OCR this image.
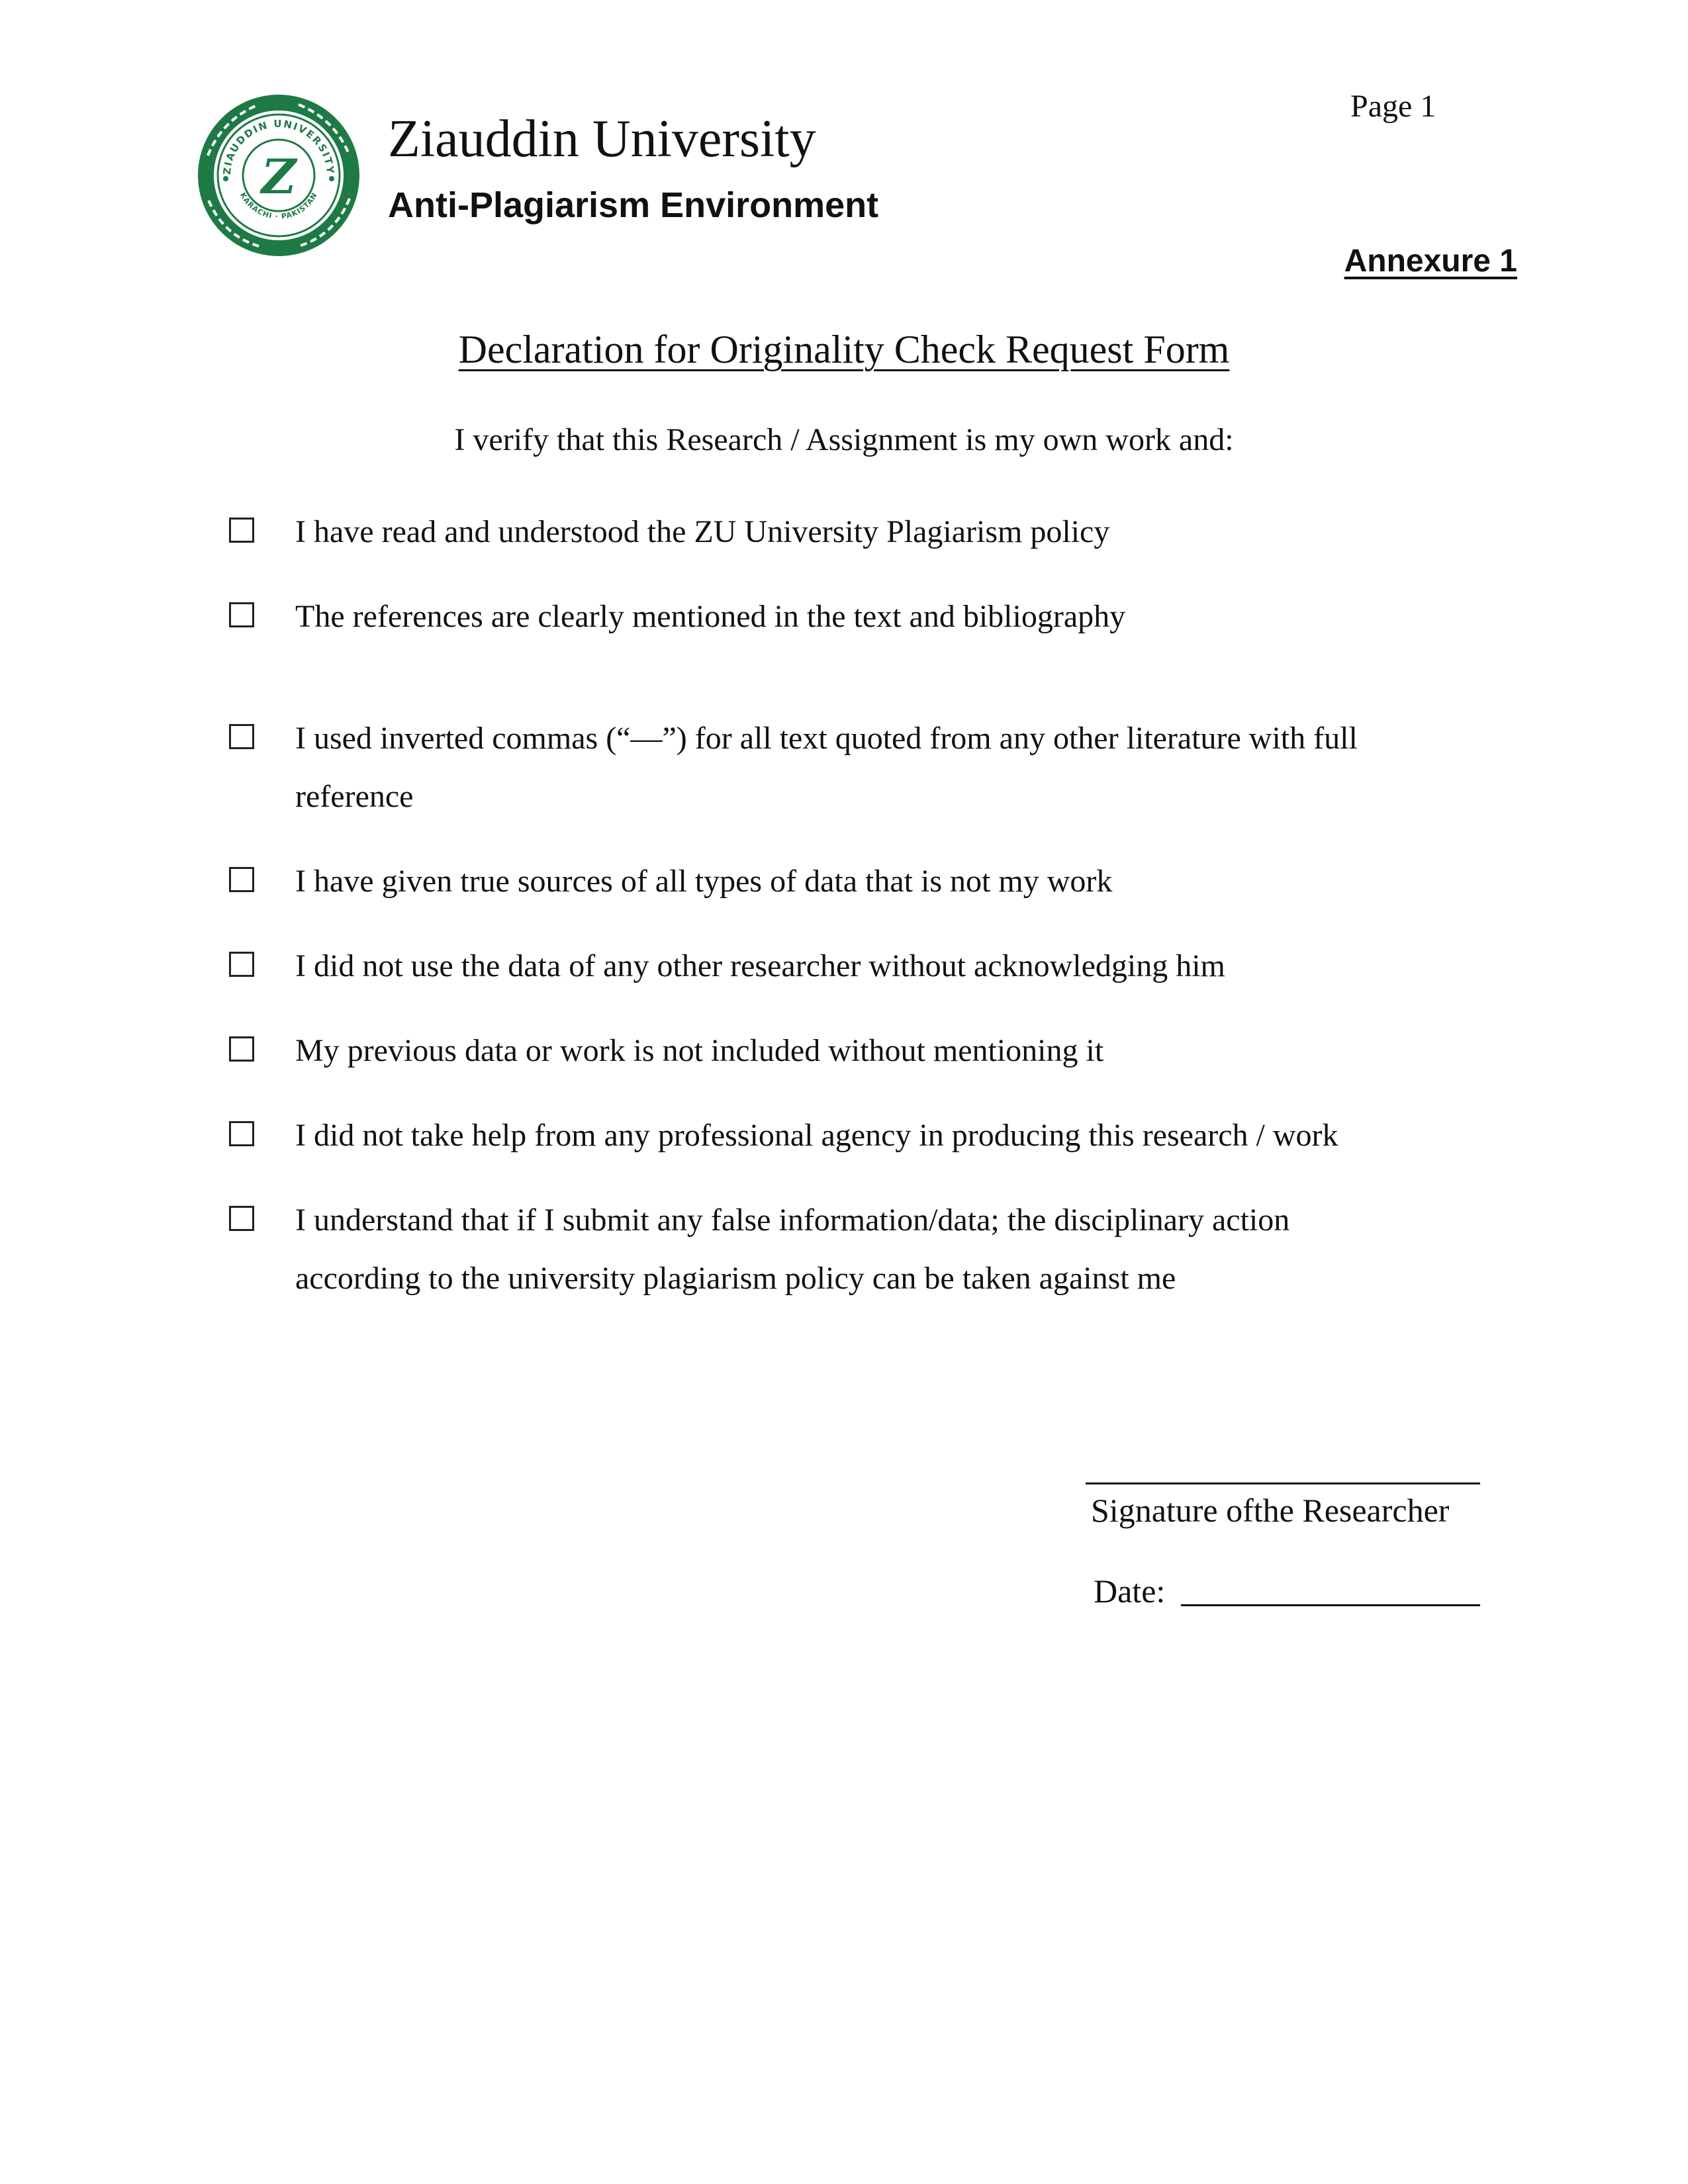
ZIAUDDIN UNIVERSITY
KARACHI · PAKISTAN
Z
Ziauddin University
Anti-Plagiarism Environment
Page 1
Annexure 1
Declaration for Originality Check Request Form
I verify that this Research / Assignment is my own work and:
I have read and understood the ZU University Plagiarism policy
The references are clearly mentioned in the text and bibliography
I used inverted commas (“—”) for all text quoted from any other literature with full
reference
I have given true sources of all types of data that is not my work
I did not use the data of any other researcher without acknowledging him
My previous data or work is not included without mentioning it
I did not take help from any professional agency in producing this research / work
I understand that if I submit any false information/data; the disciplinary action
according to the university plagiarism policy can be taken against me
Signature ofthe Researcher
Date:
